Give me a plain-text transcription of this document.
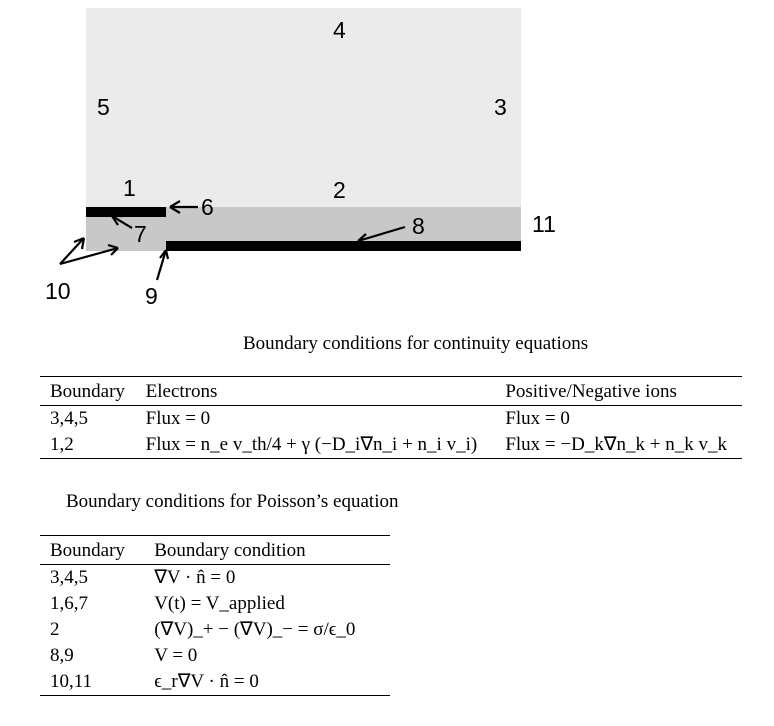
4
5	3
1	2
6
7	8	11
10	9
Boundary conditions for continuity equations

Boundary	Electrons	Positive/Negative ions
3,4,5	Flux = 0	Flux = 0
1,2	Flux = n_e v_th/4 + γ (−D_i∇n_i + n_i v_i)	Flux = −D_k∇n_k + n_k v_k
Boundary conditions for Poisson’s equation

Boundary	Boundary condition
3,4,5	∇V · n̂ = 0
1,6,7	V(t) = V_applied
2	(∇V)_+ − (∇V)_− = σ/ϵ_0
8,9	V = 0
10,11	ϵ_r∇V · n̂ = 0
